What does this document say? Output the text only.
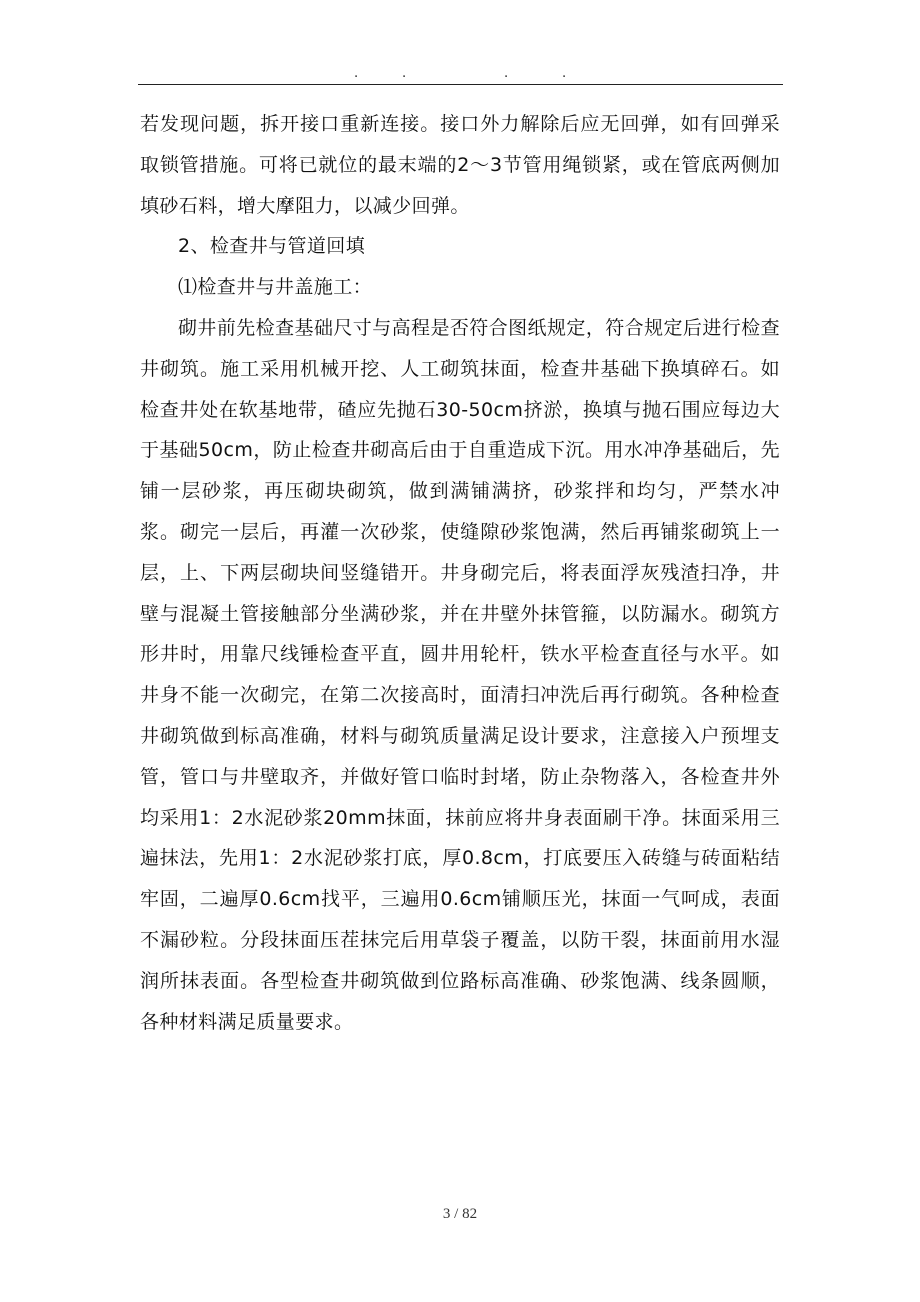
.	.	.	.

若发现问题，拆开接口重新连接。接口外力解除后应无回弹，如有回弹采取锁管措施。可将已就位的最末端的2～3节管用绳锁紧，或在管底两侧加填砂石料，增大摩阻力，以减少回弹。

2、检查井与管道回填

⑴检查井与井盖施工：

砌井前先检查基础尺寸与高程是否符合图纸规定，符合规定后进行检查井砌筑。施工采用机械开挖、人工砌筑抹面，检查井基础下换填碎石。如检查井处在软基地带，碴应先抛石30-50cm挤淤，换填与抛石围应每边大于基础50cm，防止检查井砌高后由于自重造成下沉。用水冲净基础后，先铺一层砂浆，再压砌块砌筑，做到满铺满挤，砂浆拌和均匀，严禁水冲浆。砌完一层后，再灌一次砂浆，使缝隙砂浆饱满，然后再铺浆砌筑上一层，上、下两层砌块间竖缝错开。井身砌完后，将表面浮灰残渣扫净，井壁与混凝土管接触部分坐满砂浆，并在井壁外抹管箍，以防漏水。砌筑方形井时，用靠尺线锤检查平直，圆井用轮杆，铁水平检查直径与水平。如井身不能一次砌完，在第二次接高时，面清扫冲洗后再行砌筑。各种检查井砌筑做到标高准确，材料与砌筑质量满足设计要求，注意接入户预埋支管，管口与井壁取齐，并做好管口临时封堵，防止杂物落入，各检查井外均采用1：2水泥砂浆20mm抹面，抹前应将井身表面刷干净。抹面采用三遍抹法，先用1：2水泥砂浆打底，厚0.8cm，打底要压入砖缝与砖面粘结牢固，二遍厚0.6cm找平，三遍用0.6cm铺顺压光，抹面一气呵成，表面不漏砂粒。分段抹面压茬抹完后用草袋子覆盖，以防干裂，抹面前用水湿润所抹表面。各型检查井砌筑做到位路标高准确、砂浆饱满、线条圆顺，各种材料满足质量要求。

3 / 82
